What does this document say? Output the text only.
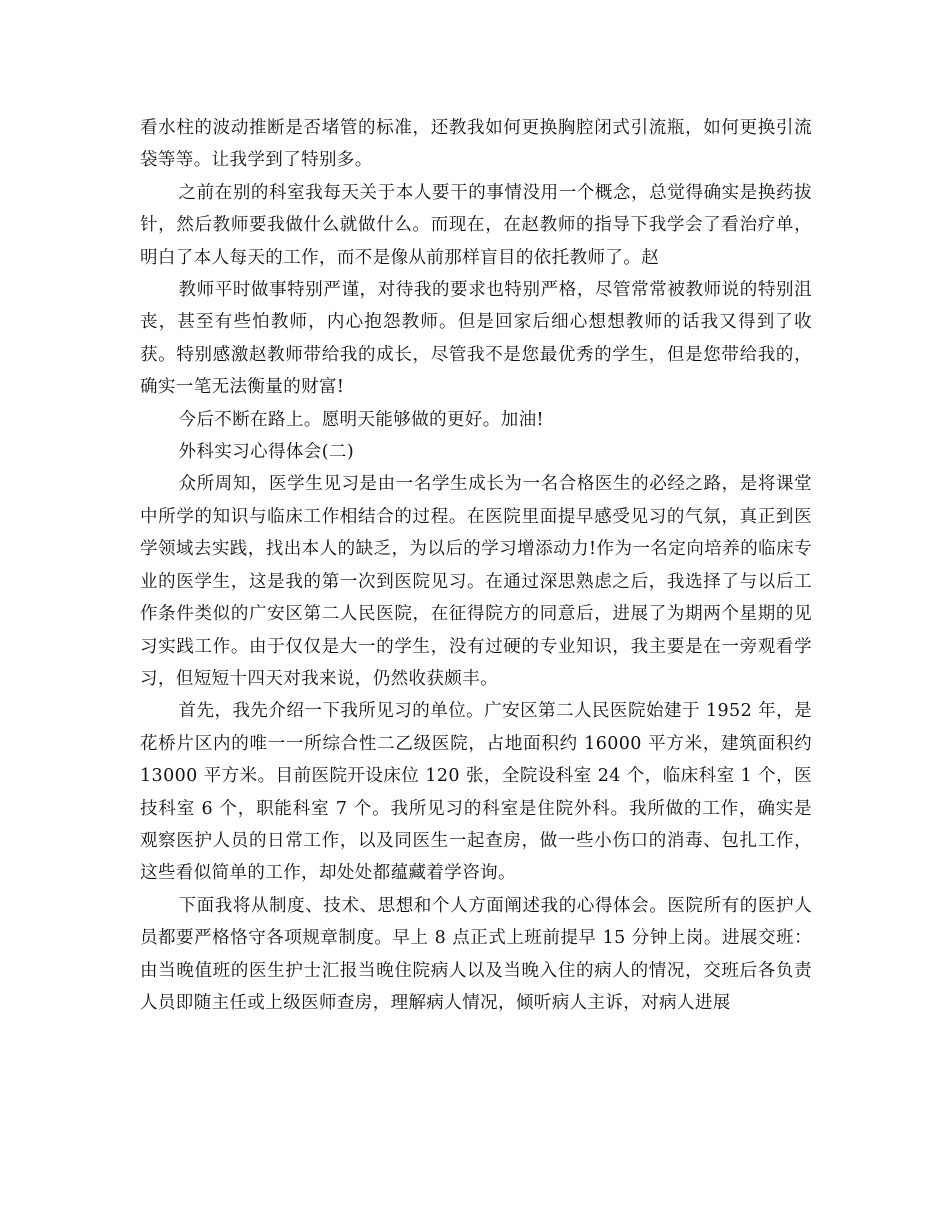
看水柱的波动推断是否堵管的标准，还教我如何更换胸腔闭式引流瓶，如何更换引流袋等等。让我学到了特别多。

之前在别的科室我每天关于本人要干的事情没用一个概念，总觉得确实是换药拔针，然后教师要我做什么就做什么。而现在，在赵教师的指导下我学会了看治疗单，明白了本人每天的工作，而不是像从前那样盲目的依托教师了。赵

教师平时做事特别严谨，对待我的要求也特别严格，尽管常常被教师说的特别沮丧，甚至有些怕教师，内心抱怨教师。但是回家后细心想想教师的话我又得到了收获。特别感激赵教师带给我的成长，尽管我不是您最优秀的学生，但是您带给我的，确实一笔无法衡量的财富!

今后不断在路上。愿明天能够做的更好。加油!

外科实习心得体会(二)

众所周知，医学生见习是由一名学生成长为一名合格医生的必经之路，是将课堂中所学的知识与临床工作相结合的过程。在医院里面提早感受见习的气氛，真正到医学领域去实践，找出本人的缺乏，为以后的学习增添动力!作为一名定向培养的临床专业的医学生，这是我的第一次到医院见习。在通过深思熟虑之后，我选择了与以后工作条件类似的广安区第二人民医院，在征得院方的同意后，进展了为期两个星期的见习实践工作。由于仅仅是大一的学生，没有过硬的专业知识，我主要是在一旁观看学习，但短短十四天对我来说，仍然收获颇丰。

首先，我先介绍一下我所见习的单位。广安区第二人民医院始建于 1952 年，是花桥片区内的唯一一所综合性二乙级医院，占地面积约 16000 平方米，建筑面积约 13000 平方米。目前医院开设床位 120 张，全院设科室 24 个，临床科室 1 个，医技科室 6 个，职能科室 7 个。我所见习的科室是住院外科。我所做的工作，确实是观察医护人员的日常工作，以及同医生一起查房，做一些小伤口的消毒、包扎工作，这些看似简单的工作，却处处都蕴藏着学咨询。

下面我将从制度、技术、思想和个人方面阐述我的心得体会。医院所有的医护人员都要严格恪守各项规章制度。早上 8 点正式上班前提早 15 分钟上岗。进展交班：由当晚值班的医生护士汇报当晚住院病人以及当晚入住的病人的情况，交班后各负责人员即随主任或上级医师查房，理解病人情况，倾听病人主诉，对病人进展
